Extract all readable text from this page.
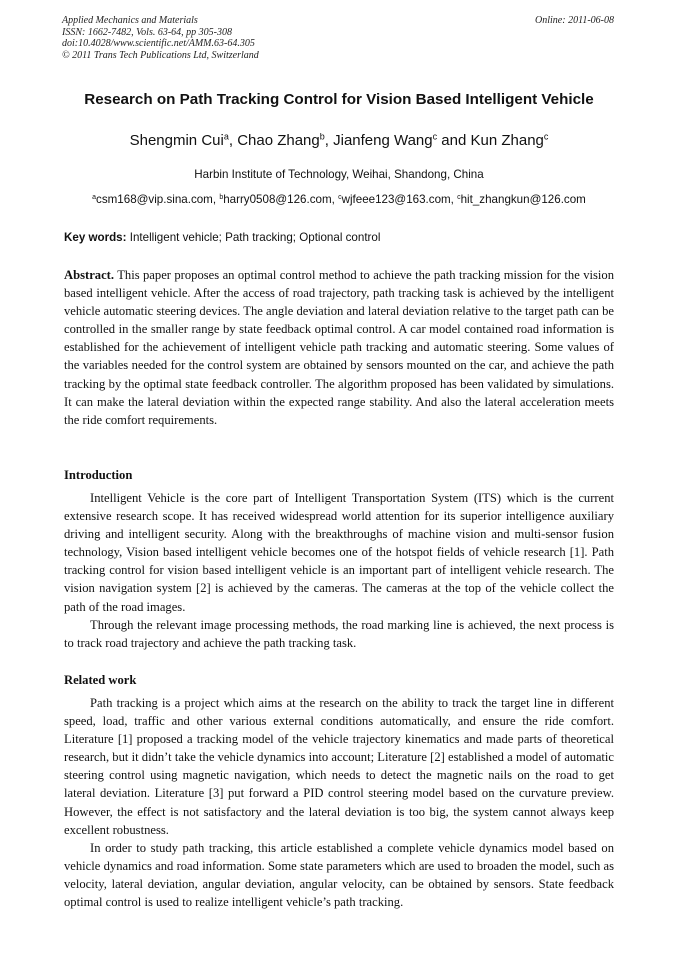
Applied Mechanics and Materials
ISSN: 1662-7482, Vols. 63-64, pp 305-308
doi:10.4028/www.scientific.net/AMM.63-64.305
© 2011 Trans Tech Publications Ltd, Switzerland
Online: 2011-06-08
Research on Path Tracking Control for Vision Based Intelligent Vehicle
Shengmin Cui$^a$, Chao Zhang$^b$, Jianfeng Wang$^c$ and Kun Zhang$^c$
Harbin Institute of Technology, Weihai, Shandong, China
$^a$csm168@vip.sina.com, $^b$harry0508@126.com, $^c$wjfeee123@163.com, $^c$hit_zhangkun@126.com
Key words: Intelligent vehicle; Path tracking; Optional control

Abstract. This paper proposes an optimal control method to achieve the path tracking mission for the vision based intelligent vehicle. After the access of road trajectory, path tracking task is achieved by the intelligent vehicle automatic steering devices. The angle deviation and lateral deviation relative to the target path can be controlled in the smaller range by state feedback optimal control. A car model contained road information is established for the achievement of intelligent vehicle path tracking and automatic steering. Some values of the variables needed for the control system are obtained by sensors mounted on the car, and achieve the path tracking by the optimal state feedback controller. The algorithm proposed has been validated by simulations. It can make the lateral deviation within the expected range stability. And also the lateral acceleration meets the ride comfort requirements.

Introduction

Intelligent Vehicle is the core part of Intelligent Transportation System (ITS) which is the current extensive research scope. It has received widespread world attention for its superior intelligence auxiliary driving and intelligent security. Along with the breakthroughs of machine vision and multi-sensor fusion technology, Vision based intelligent vehicle becomes one of the hotspot fields of vehicle research [1]. Path tracking control for vision based intelligent vehicle is an important part of intelligent vehicle research. The vision navigation system [2] is achieved by the cameras. The cameras at the top of the vehicle collect the path of the road images.

Through the relevant image processing methods, the road marking line is achieved, the next process is to track road trajectory and achieve the path tracking task.

Related work

Path tracking is a project which aims at the research on the ability to track the target line in different speed, load, traffic and other various external conditions automatically, and ensure the ride comfort. Literature [1] proposed a tracking model of the vehicle trajectory kinematics and made parts of theoretical research, but it didn’t take the vehicle dynamics into account; Literature [2] established a model of automatic steering control using magnetic navigation, which needs to detect the magnetic nails on the road to get lateral deviation. Literature [3] put forward a PID control steering model based on the curvature preview. However, the effect is not satisfactory and the lateral deviation is too big, the system cannot always keep excellent robustness.

In order to study path tracking, this article established a complete vehicle dynamics model based on vehicle dynamics and road information. Some state parameters which are used to broaden the model, such as velocity, lateral deviation, angular deviation, angular velocity, can be obtained by sensors. State feedback optimal control is used to realize intelligent vehicle’s path tracking.
